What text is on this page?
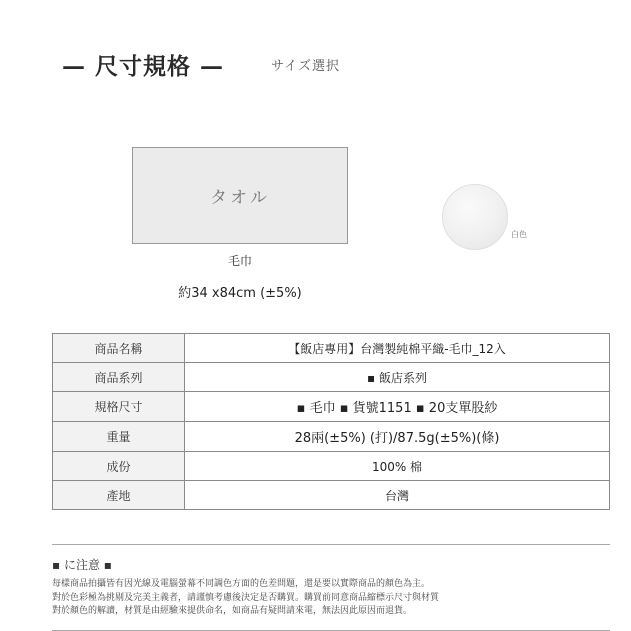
— 尺寸規格 —	サイズ選択
タオル
毛巾
約34 x84cm (±5%)
白色
商品名稱	【飯店專用】台灣製純棉平織-毛巾_12入
商品系列	▪ 飯店系列
規格尺寸	▪ 毛巾 ▪ 貨號1151 ▪ 20支單股紗
重量	28兩(±5%) (打)/87.5g(±5%)(條)
成份	100% 棉
產地	台灣
▪ に注意 ▪
每樣商品拍攝皆有因光線及電腦螢幕不同調色方面的色差問題，還是要以實際商品的顏色為主。
對於色彩極為挑剔及完美主義者，請謹慎考慮後決定是否購買。購買前同意商品縮標示尺寸與材質
對於顏色的解讀，材質是由經驗來提供命名，如商品有疑問請來電，無法因此原因而退貨。
